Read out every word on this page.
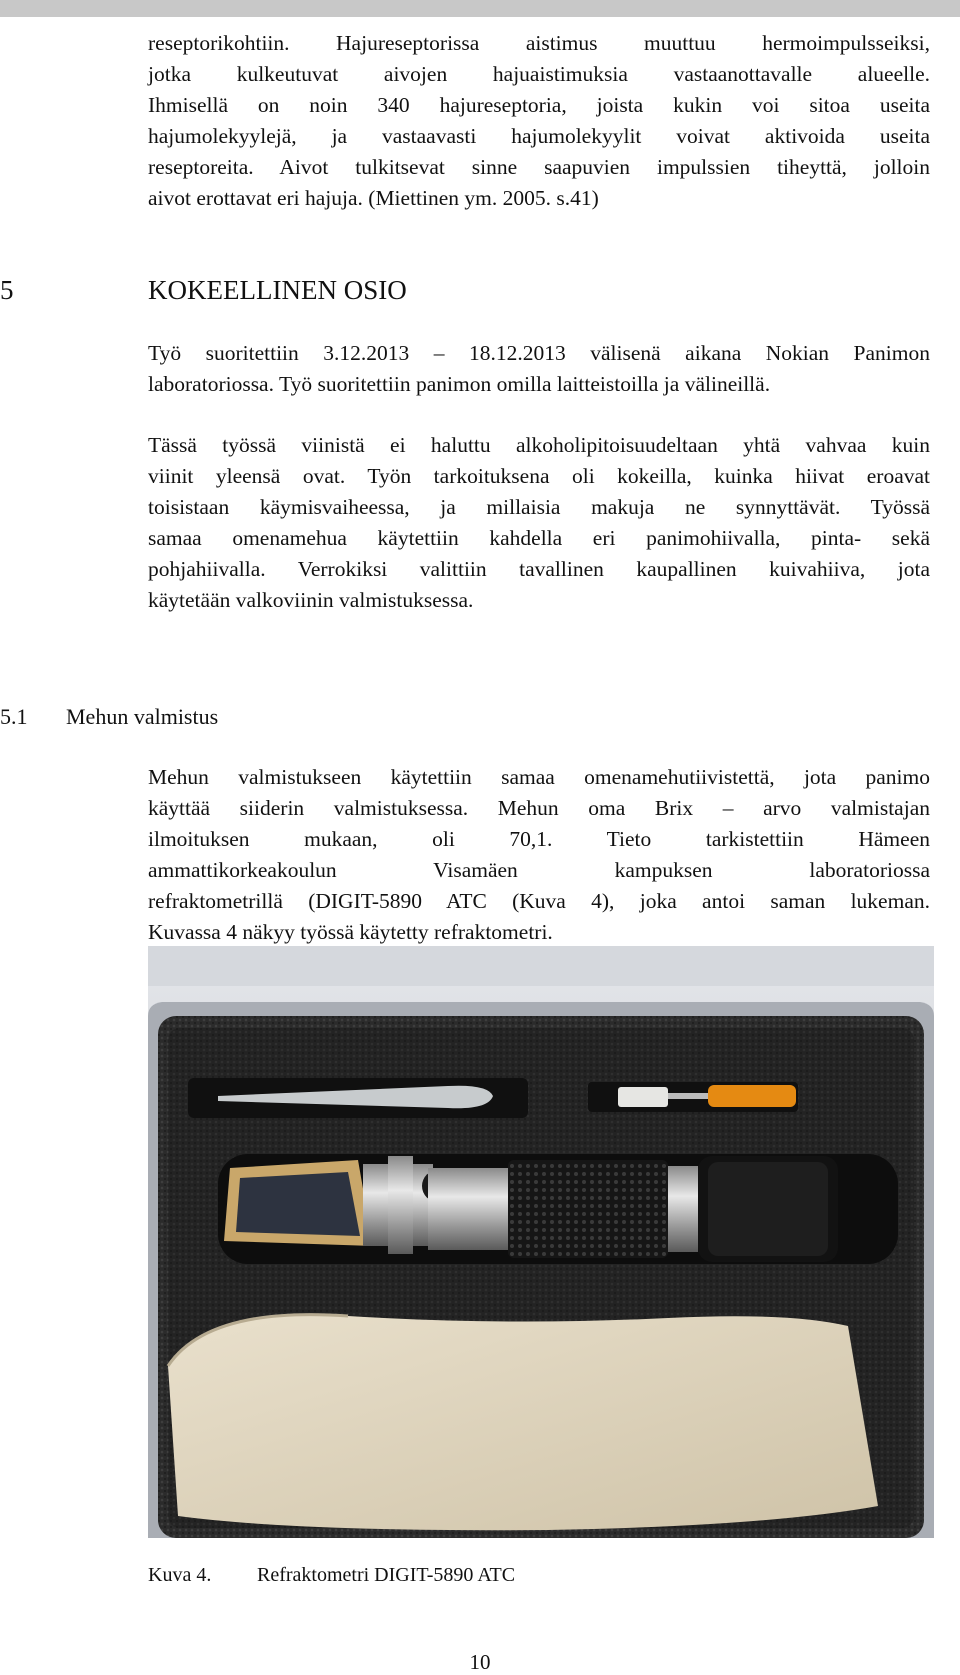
reseptorikohtiin. Hajureseptorissa aistimus muuttuu hermoimpulsseiksi,
jotka kulkeutuvat aivojen hajuaistimuksia vastaanottavalle alueelle.
Ihmisellä on noin 340 hajureseptoria, joista kukin voi sitoa useita
hajumolekyylejä, ja vastaavasti hajumolekyylit voivat aktivoida useita
reseptoreita. Aivot tulkitsevat sinne saapuvien impulssien tiheyttä, jolloin
aivot erottavat eri hajuja. (Miettinen ym. 2005. s.41)
5	KOKEELLINEN OSIO
Työ suoritettiin 3.12.2013 – 18.12.2013 välisenä aikana Nokian Panimon
laboratoriossa. Työ suoritettiin panimon omilla laitteistoilla ja välineillä.
Tässä työssä viinistä ei haluttu alkoholipitoisuudeltaan yhtä vahvaa kuin
viinit yleensä ovat. Työn tarkoituksena oli kokeilla, kuinka hiivat eroavat
toisistaan käymisvaiheessa, ja millaisia makuja ne synnyttävät. Työssä
samaa omenamehua käytettiin kahdella eri panimohiivalla, pinta- sekä
pohjahiivalla. Verrokiksi valittiin tavallinen kaupallinen kuivahiiva, jota
käytetään valkoviinin valmistuksessa.
5.1 Mehun valmistus
Mehun valmistukseen käytettiin samaa omenamehutiivistettä, jota panimo
käyttää siiderin valmistuksessa. Mehun oma Brix – arvo valmistajan
ilmoituksen mukaan, oli 70,1. Tieto tarkistettiin Hämeen
ammattikorkeakoulun Visamäen kampuksen laboratoriossa
refraktometrillä (DIGIT-5890 ATC (Kuva 4), joka antoi saman lukeman.
Kuvassa 4 näkyy työssä käytetty refraktometri.
Kuva 4. Refraktometri DIGIT-5890 ATC
10
